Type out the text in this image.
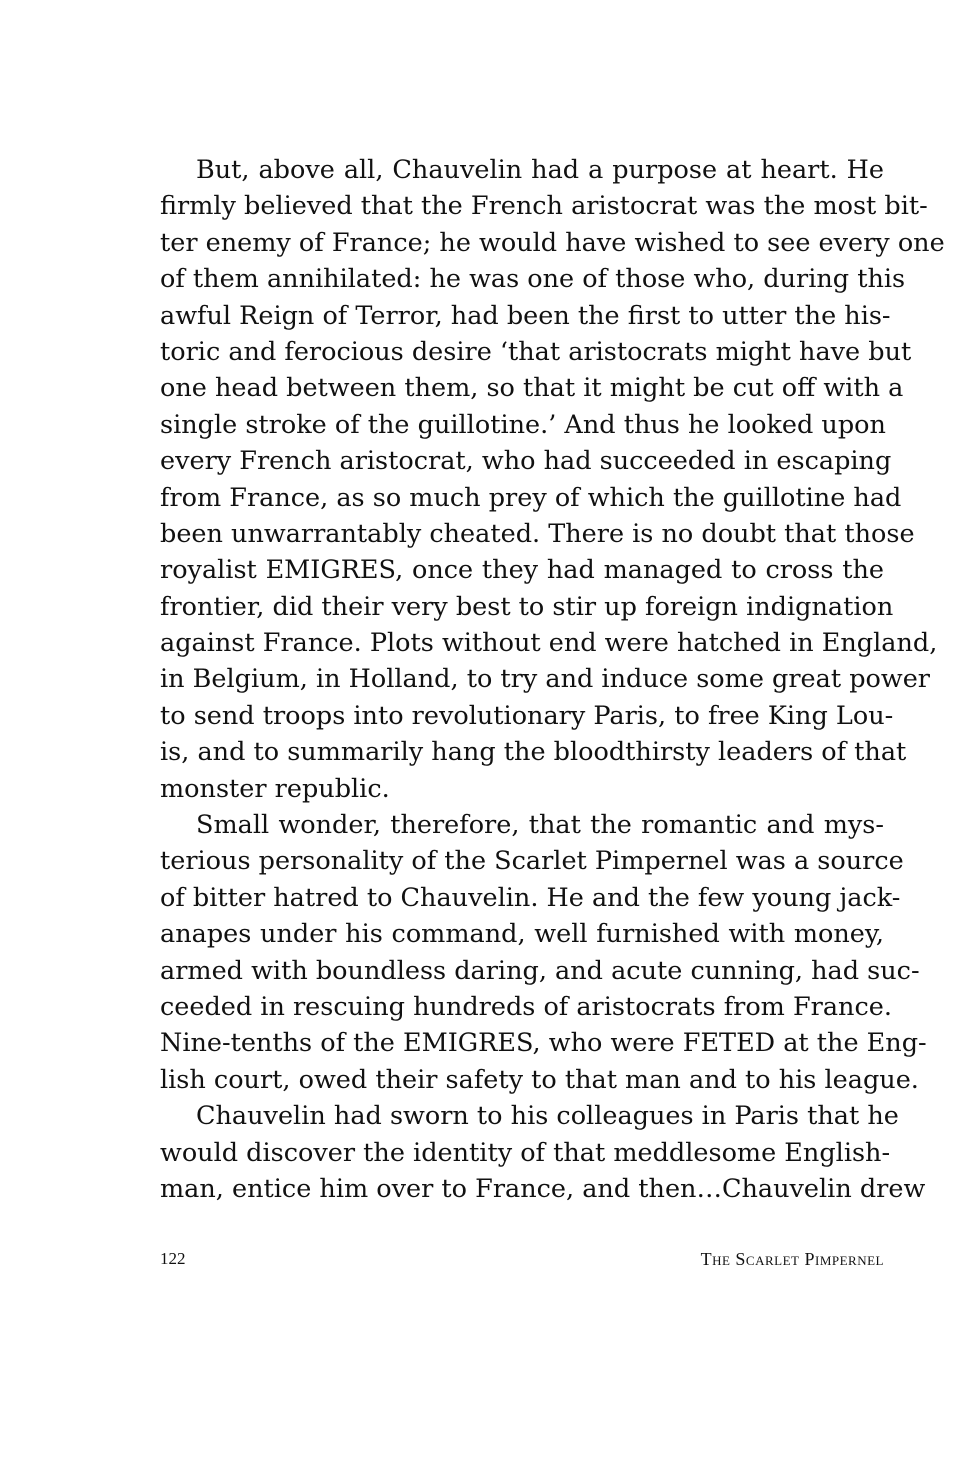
But, above all, Chauvelin had a purpose at heart. He
firmly believed that the French aristocrat was the most bit-
ter enemy of France; he would have wished to see every one
of them annihilated: he was one of those who, during this
awful Reign of Terror, had been the first to utter the his-
toric and ferocious desire ‘that aristocrats might have but
one head between them, so that it might be cut off with a
single stroke of the guillotine.’ And thus he looked upon
every French aristocrat, who had succeeded in escaping
from France, as so much prey of which the guillotine had
been unwarrantably cheated. There is no doubt that those
royalist EMIGRES, once they had managed to cross the
frontier, did their very best to stir up foreign indignation
against France. Plots without end were hatched in England,
in Belgium, in Holland, to try and induce some great power
to send troops into revolutionary Paris, to free King Lou-
is, and to summarily hang the bloodthirsty leaders of that
monster republic.
Small wonder, therefore, that the romantic and mys-
terious personality of the Scarlet Pimpernel was a source
of bitter hatred to Chauvelin. He and the few young jack-
anapes under his command, well furnished with money,
armed with boundless daring, and acute cunning, had suc-
ceeded in rescuing hundreds of aristocrats from France.
Nine-tenths of the EMIGRES, who were FETED at the Eng-
lish court, owed their safety to that man and to his league.
Chauvelin had sworn to his colleagues in Paris that he
would discover the identity of that meddlesome English-
man, entice him over to France, and then…Chauvelin drew
122	The Scarlet Pimpernel
